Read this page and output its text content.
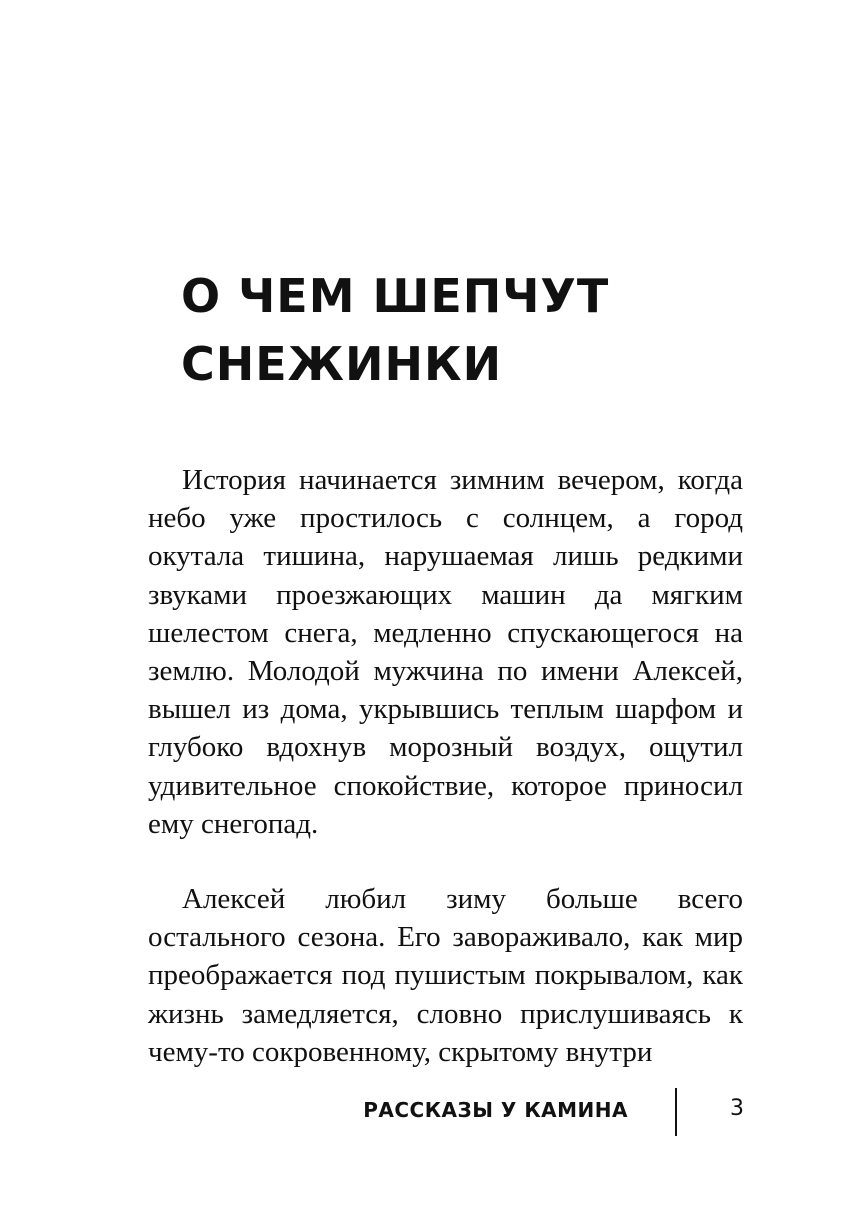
О ЧЕМ ШЕПЧУТ
СНЕЖИНКИ

История начинается зимним вечером, когда небо уже простилось с солнцем, а город окутала тишина, нарушаемая лишь редкими звуками проезжающих машин да мягким шелестом снега, медленно спускающегося на землю. Молодой мужчина по имени Алексей, вышел из дома, укрывшись теплым шарфом и глубоко вдохнув морозный воздух, ощутил удивительное спокойствие, которое приносил ему снегопад.

Алексей любил зиму больше всего остального сезона. Его завораживало, как мир преображается под пушистым покрывалом, как жизнь замедляется, словно прислушиваясь к чему-то сокровенному, скрытому внутри

РАССКАЗЫ У КАМИНА	3
